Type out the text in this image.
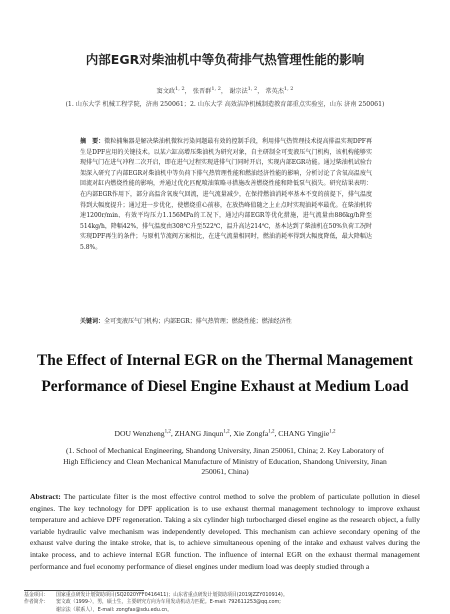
内部EGR对柴油机中等负荷排气热管理性能的影响
窦文政$^{1, 2}$， 张晋群$^{1, 2}$， 谢宗法$^{1, 2}$， 常英杰$^{1, 2}$
(1. 山东大学 机械工程学院，济南 250061；2. 山东大学 高效洁净机械制造教育部重点实验室，山东 济南 250061)
摘　要：微粒捕集器是解决柴油机微粒污染问题最有效的控制手段，利用排气热管理技术提高排温实现DPF再生是DPF应用的关键技术。以某六缸高增压柴油机为研究对象，自主研制全可变液压气门机构，该机构能够实现排气门在进气冲程二次开启，即在进气过程实现进排气门同时开启，实现内部EGR功能。通过柴油机试验台架深入研究了内部EGR对柴油机中等负荷下排气热管理性能和燃油经济性能的影响，分析讨论了含氧高温废气回流对缸内燃烧性能的影响，并通过优化匹配喷油策略寻措施改善燃烧性能和降低泵气损失。研究结果表明：在内部EGR作用下，部分高温含氧废气回流，进气流量减少，在保持燃油消耗率基本不变的前提下，排气温度得到大幅度提升；通过进一步优化，使燃烧重心前移，在放热峰值随之上止点时实现油耗率最优。在柴油机转速1200r/min、有效平均压力1.156MPa的工况下，通过内部EGR等优化措施，进气流量由886kg/h降至514kg/h，降幅42%，排气温度由308℃升至522℃，温升高达214℃，基本达到了柴油机在50%负荷工况时实现DPF再生的条件；与原机节流阀方案相比，在进气流量相同时，燃油消耗率得到大幅度降低，最大降幅达5.8%。
关键词：全可变液压气门机构；内部EGR；排气热管理；燃烧性能；燃油经济性
The Effect of Internal EGR on the Thermal Management Performance of Diesel Engine Exhaust at Medium Load
DOU Wenzheng$^{1,2}$, ZHANG Jinqun$^{1,2}$, Xie Zongfa$^{1,2}$, CHANG Yingjie$^{1,2}$
(1. School of Mechanical Engineering, Shandong University, Jinan 250061, China; 2. Key Laboratory of High Efficiency and Clean Mechanical Manufacture of Ministry of Education, Shandong University, Jinan 250061, China)
Abstract: The particulate filter is the most effective control method to solve the problem of particulate pollution in diesel engines. The key technology for DPF application is to use exhaust thermal management technology to improve exhaust temperature and achieve DPF regeneration. Taking a six cylinder high turbocharged diesel engine as the research object, a fully variable hydraulic valve mechanism was independently developed. This mechanism can achieve secondary opening of the exhaust valve during the intake stroke, that is, to achieve simultaneous opening of the intake and exhaust valves during the intake process, and to achieve internal EGR function. The influence of internal EGR on the exhaust thermal management performance and fuel economy performance of diesel engines under medium load was deeply studied through a
基金项目： 国家重点研发计划资助项目(SQ2020YFF0416411)；山东省重点研发计划资助项目(2019JZZY010914)。
作者简介： 窦文政（1999-），男，硕士生，主要研究方向为车用发动机动力匹配。E-mail: 792611253@qq.com;
谢宗法（联系人），E-mail: zongfax@sdu.edu.cn。
